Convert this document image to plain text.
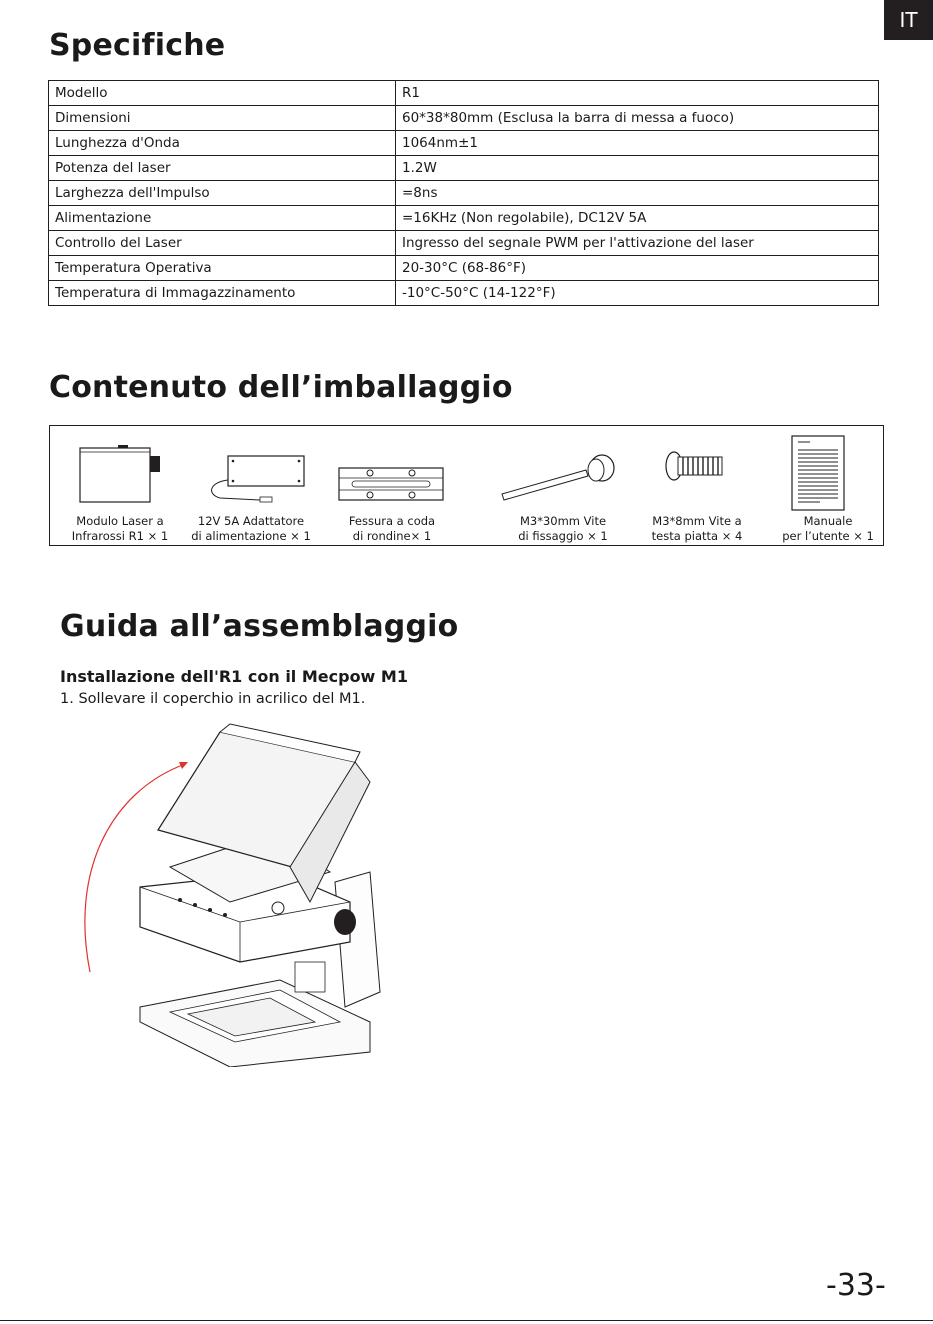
IT
Specifiche
Modello	R1
Dimensioni	60*38*80mm (Esclusa la barra di messa a fuoco)
Lunghezza d'Onda	1064nm±1
Potenza del laser	1.2W
Larghezza dell'Impulso	=8ns
Alimentazione	=16KHz (Non regolabile), DC12V 5A
Controllo del Laser	Ingresso del segnale PWM per l'attivazione del laser
Temperatura Operativa	20-30°C (68-86°F)
Temperatura di Immagazzinamento	-10°C-50°C (14-122°F)
Contenuto dell’imballaggio
Modulo Laser a
Infrarossi R1 × 1
12V 5A Adattatore
di alimentazione × 1
Fessura a coda
di rondine× 1
M3*30mm Vite
di fissaggio × 1
M3*8mm Vite a
testa piatta × 4
Manuale
per l’utente × 1
Guida all’assemblaggio

Installazione dell'R1 con il Mecpow M1

1. Sollevare il coperchio in acrilico del M1.

-33-
